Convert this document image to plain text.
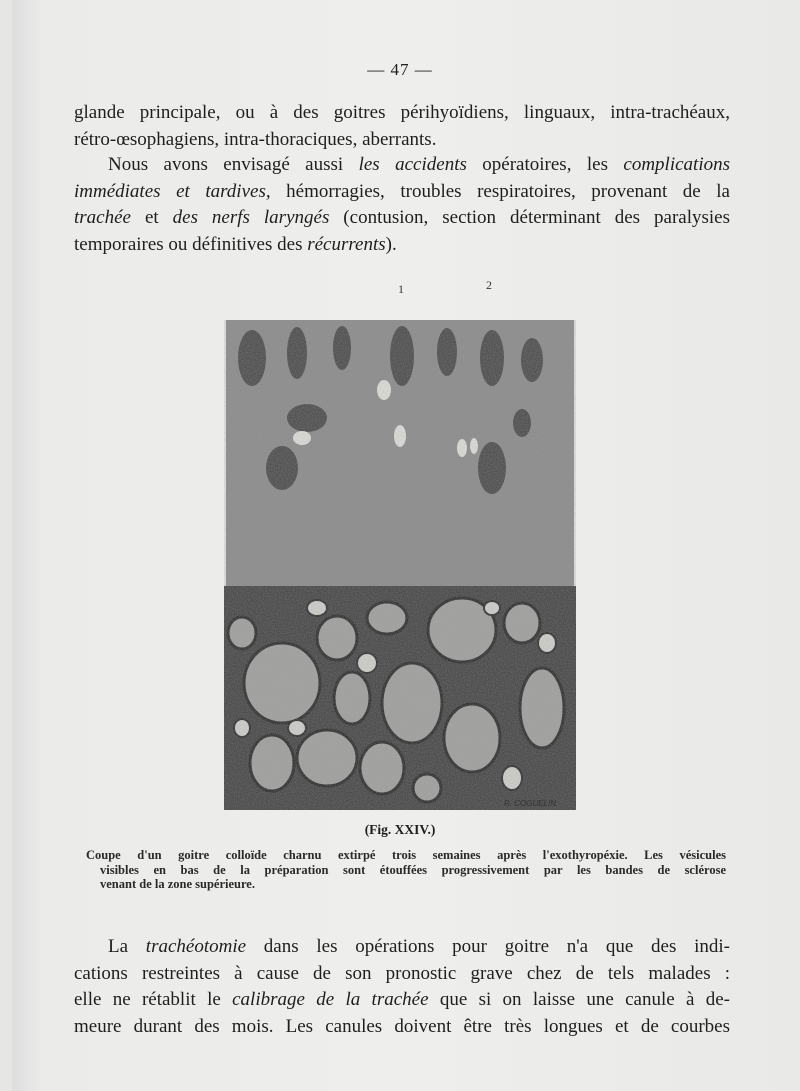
— 47 —
glande principale, ou à des goitres périhyoïdiens, linguaux, intra-trachéaux,
rétro-œsophagiens, intra-thoraciques, aberrants.
Nous avons envisagé aussi les accidents opératoires, les complications
immédiates et tardives, hémorragies, troubles respiratoires, provenant de la
trachée et des nerfs laryngés (contusion, section déterminant des paralysies
temporaires ou définitives des récurrents).
1	2
R. COGUELIN.
(Fig. XXIV.)
Coupe d'un goitre colloïde charnu extirpé trois semaines après l'exothyropéxie. Les vésicules
visibles en bas de la préparation sont étouffées progressivement par les bandes de sclérose
venant de la zone supérieure.
La trachéotomie dans les opérations pour goitre n'a que des indi-
cations restreintes à cause de son pronostic grave chez de tels malades :
elle ne rétablit le calibrage de la trachée que si on laisse une canule à de-
meure durant des mois. Les canules doivent être très longues et de courbes
